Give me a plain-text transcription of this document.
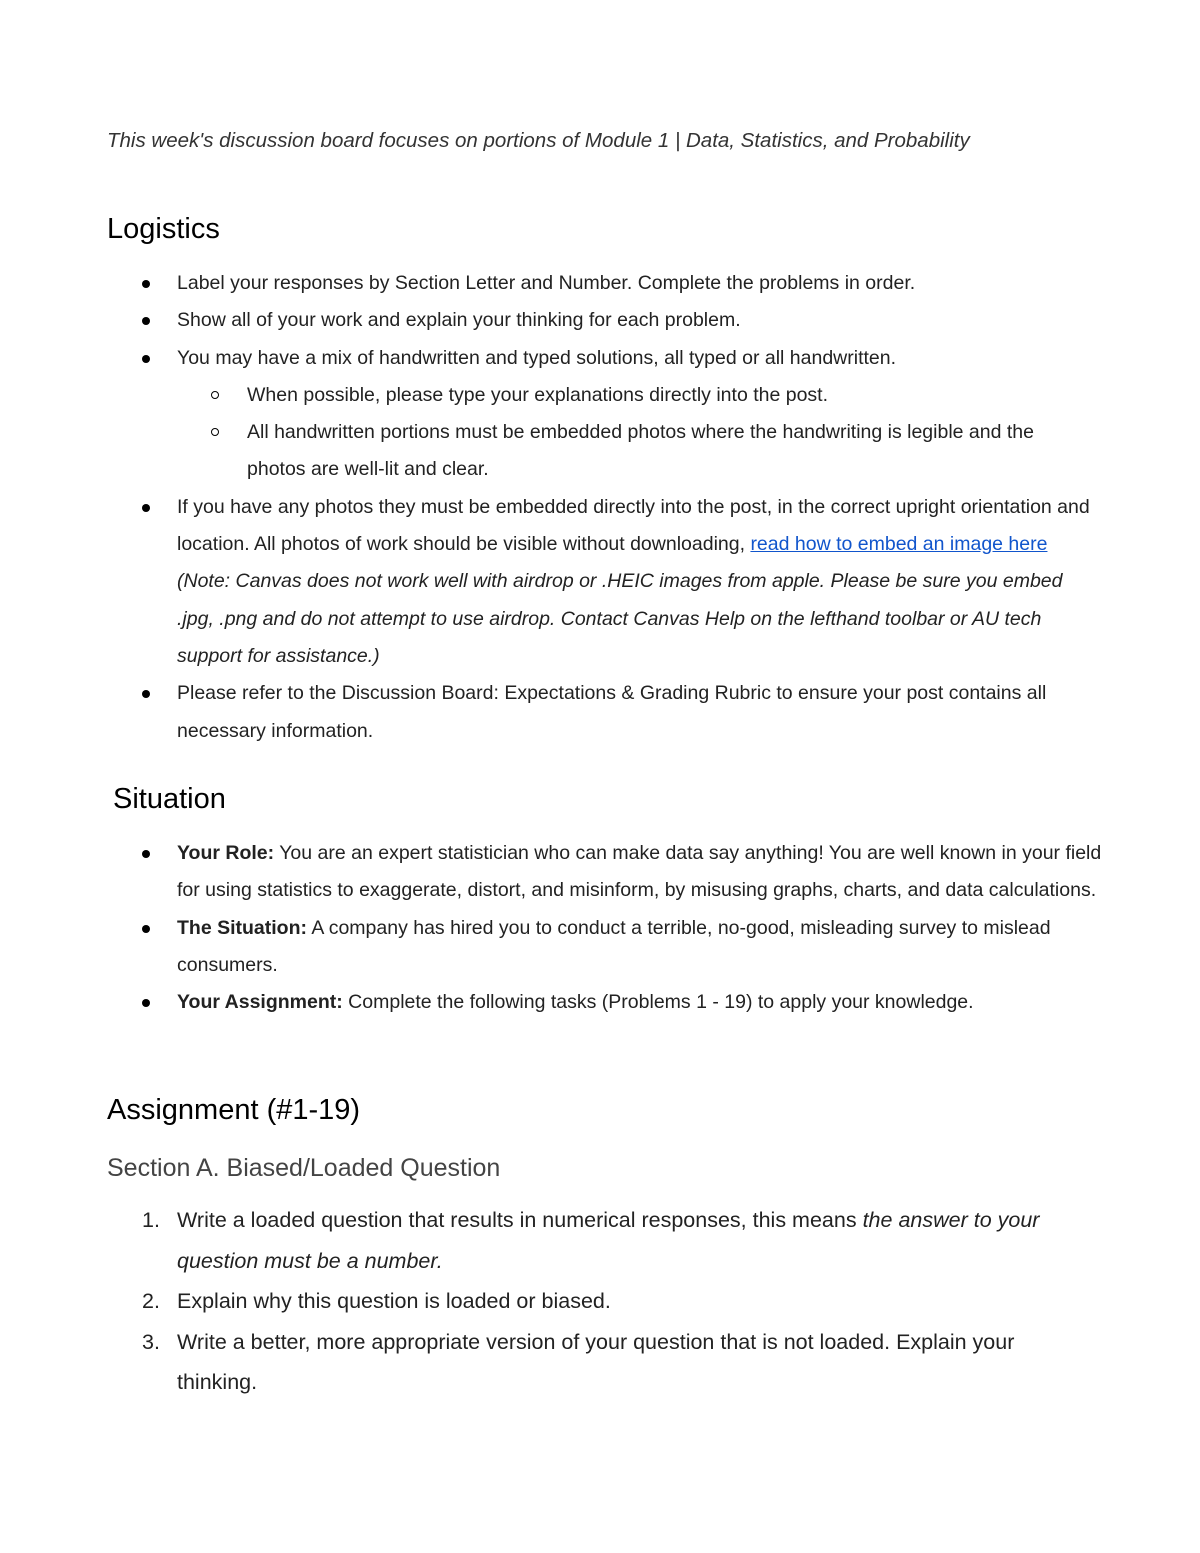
This week's discussion board focuses on portions of Module 1 | Data, Statistics, and Probability

Logistics
Label your responses by Section Letter and Number. Complete the problems in order.
Show all of your work and explain your thinking for each problem.
You may have a mix of handwritten and typed solutions, all typed or all handwritten.
When possible, please type your explanations directly into the post.
All handwritten portions must be embedded photos where the handwriting is legible and the photos are well-lit and clear.
If you have any photos they must be embedded directly into the post, in the correct upright orientation and location. All photos of work should be visible without downloading, read how to embed an image here (Note: Canvas does not work well with airdrop or .HEIC images from apple. Please be sure you embed .jpg, .png and do not attempt to use airdrop. Contact Canvas Help on the lefthand toolbar or AU tech support for assistance.)
Please refer to the Discussion Board: Expectations & Grading Rubric to ensure your post contains all necessary information.
Situation
Your Role: You are an expert statistician who can make data say anything! You are well known in your field for using statistics to exaggerate, distort, and misinform, by misusing graphs, charts, and data calculations.
The Situation: A company has hired you to conduct a terrible, no-good, misleading survey to mislead consumers.
Your Assignment: Complete the following tasks (Problems 1 - 19) to apply your knowledge.
Assignment (#1-19)
Section A. Biased/Loaded Question
1. Write a loaded question that results in numerical responses, this means the answer to your question must be a number.
2. Explain why this question is loaded or biased.
3. Write a better, more appropriate version of your question that is not loaded. Explain your thinking.
